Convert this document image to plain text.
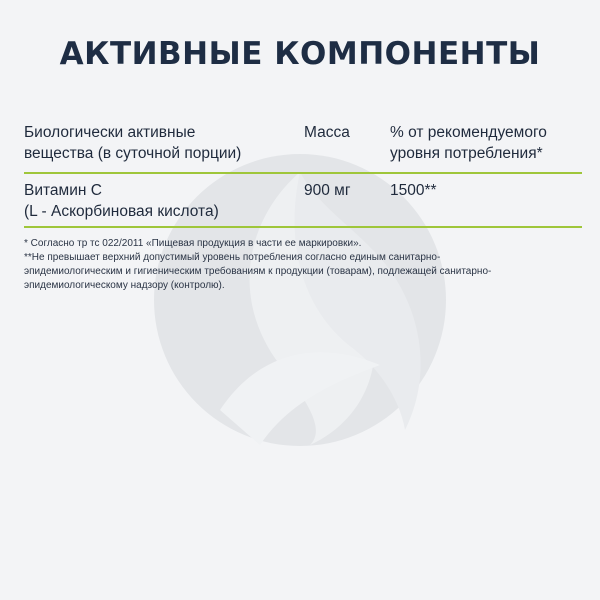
АКТИВНЫЕ КОМПОНЕНТЫ
Биологически активные
вещества (в суточной порции)
Масса	% от рекомендуемого
уровня потребления*
Витамин С
(L - Аскорбиновая кислота)
900 мг	1500**
* Согласно тр тс 022/2011 «Пищевая продукция в части ее маркировки».
**Не превышает верхний допустимый уровень потребления согласно единым санитарно-
эпидемиологическим и гигиеническим требованиям к продукции (товарам), подлежащей санитарно-
эпидемиологическому надзору (контролю).
